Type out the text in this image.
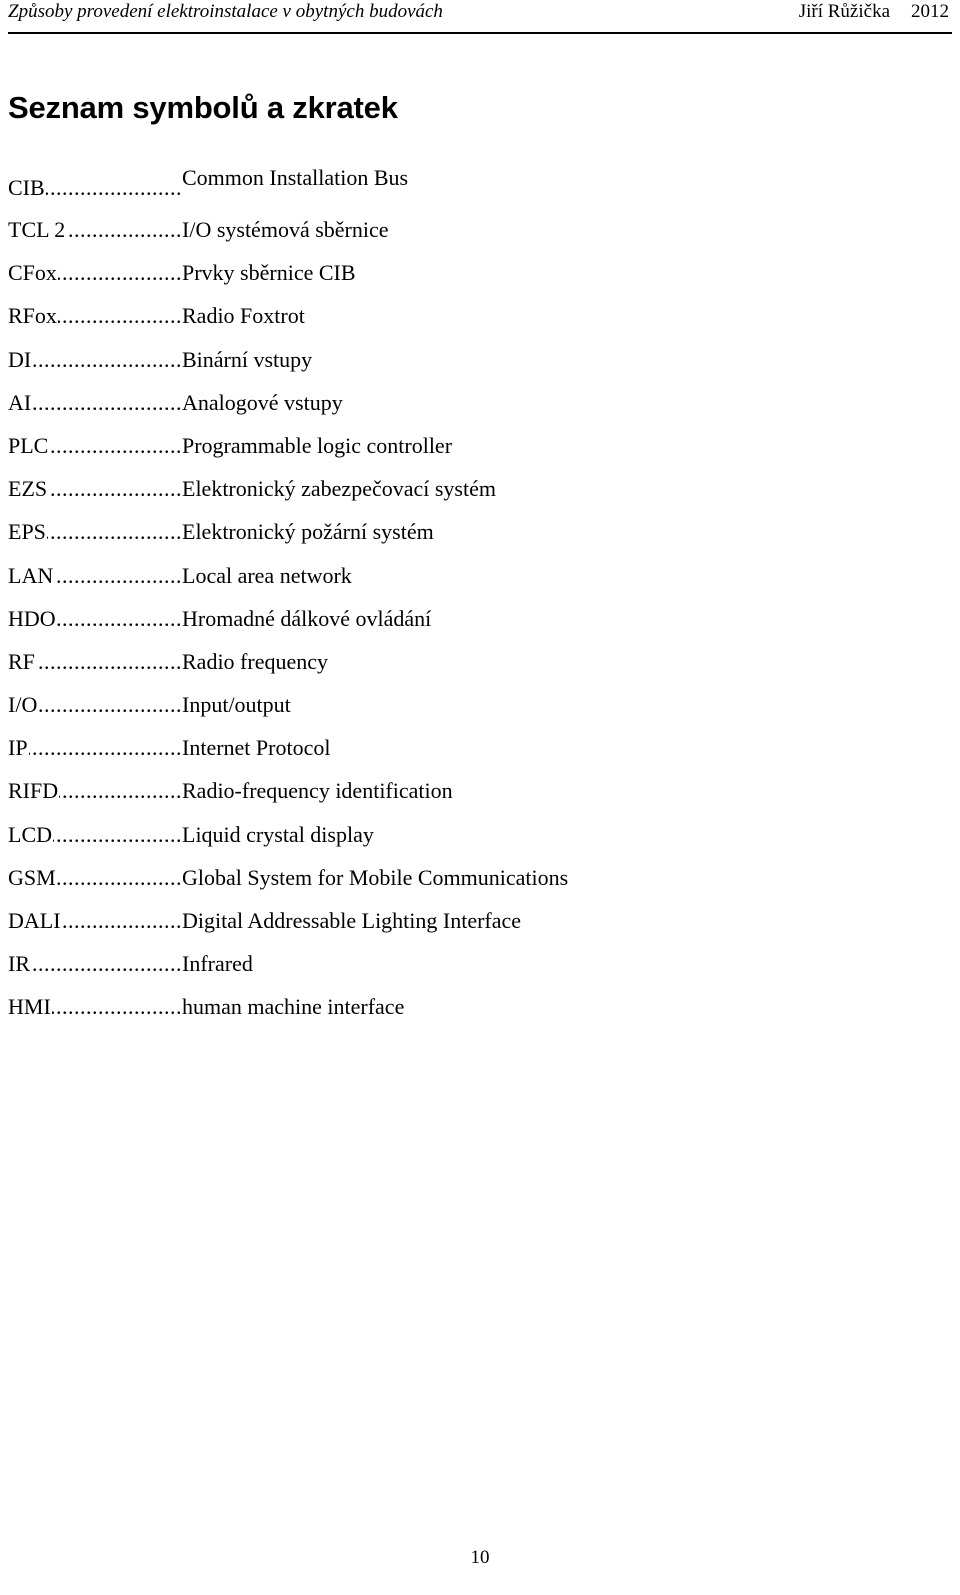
Způsoby provedení elektroinstalace v obytných budovách	Jiří Růžička 2012
Seznam symbolů a zkratek
CIB .....	Common Installation Bus
TCL 2 .....	I/O systémová sběrnice
CFox .....	Prvky sběrnice CIB
RFox .....	Radio Foxtrot
DI .....	Binární vstupy
AI .....	Analogové vstupy
PLC .....	Programmable logic controller
EZS .....	Elektronický zabezpečovací systém
EPS .....	Elektronický požární systém
LAN .....	Local area network
HDO .....	Hromadné dálkové ovládání
RF .....	Radio frequency
I/O .....	Input/output
IP .....	Internet Protocol
RIFD .....	Radio-frequency identification
LCD .....	Liquid crystal display
GSM .....	Global System for Mobile Communications
DALI .....	Digital Addressable Lighting Interface
IR .....	Infrared
HMI .....	human machine interface
10
